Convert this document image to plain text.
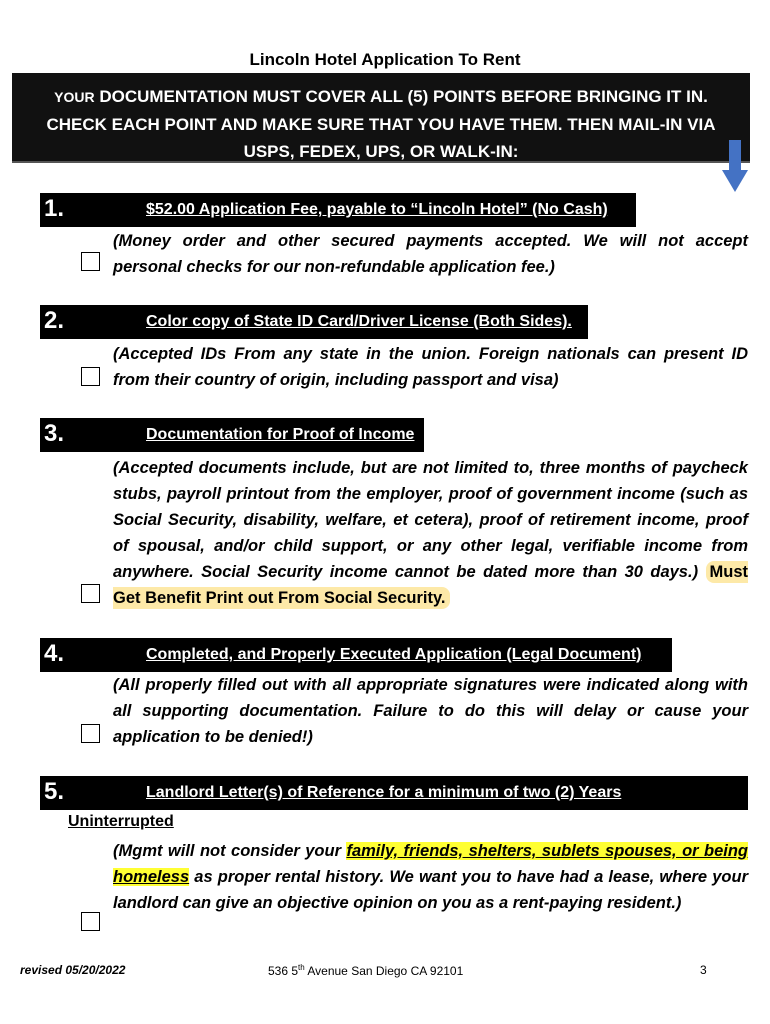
Lincoln Hotel Application To Rent
YOUR DOCUMENTATION MUST COVER ALL (5) POINTS BEFORE BRINGING IT IN.
CHECK EACH POINT AND MAKE SURE THAT YOU HAVE THEM. THEN MAIL-IN VIA
USPS, FEDEX, UPS, OR WALK-IN:
1.	$52.00 Application Fee, payable to “Lincoln Hotel” (No Cash)
(Money order and other secured payments accepted. We will not accept personal checks for our non-refundable application fee.)
2.	Color copy of State ID Card/Driver License (Both Sides).
(Accepted IDs From any state in the union. Foreign nationals can present ID from their country of origin, including passport and visa)
3.	Documentation for Proof of Income
(Accepted documents include, but are not limited to, three months of paycheck stubs, payroll printout from the employer, proof of government income (such as Social Security, disability, welfare, et cetera), proof of retirement income, proof of spousal, and/or child support, or any other legal, verifiable income from anywhere. Social Security income cannot be dated more than 30 days.) Must Get Benefit Print out From Social Security.
4.	Completed, and Properly Executed Application (Legal Document)
(All properly filled out with all appropriate signatures were indicated along with all supporting documentation. Failure to do this will delay or cause your application to be denied!)
5.	Landlord Letter(s) of Reference for a minimum of two (2) Years
Uninterrupted
(Mgmt will not consider your family, friends, shelters, sublets spouses, or being homeless as proper rental history. We want you to have had a lease, where your landlord can give an objective opinion on you as a rent-paying resident.)
revised 05/20/2022	536 5th Avenue San Diego CA 92101	3
